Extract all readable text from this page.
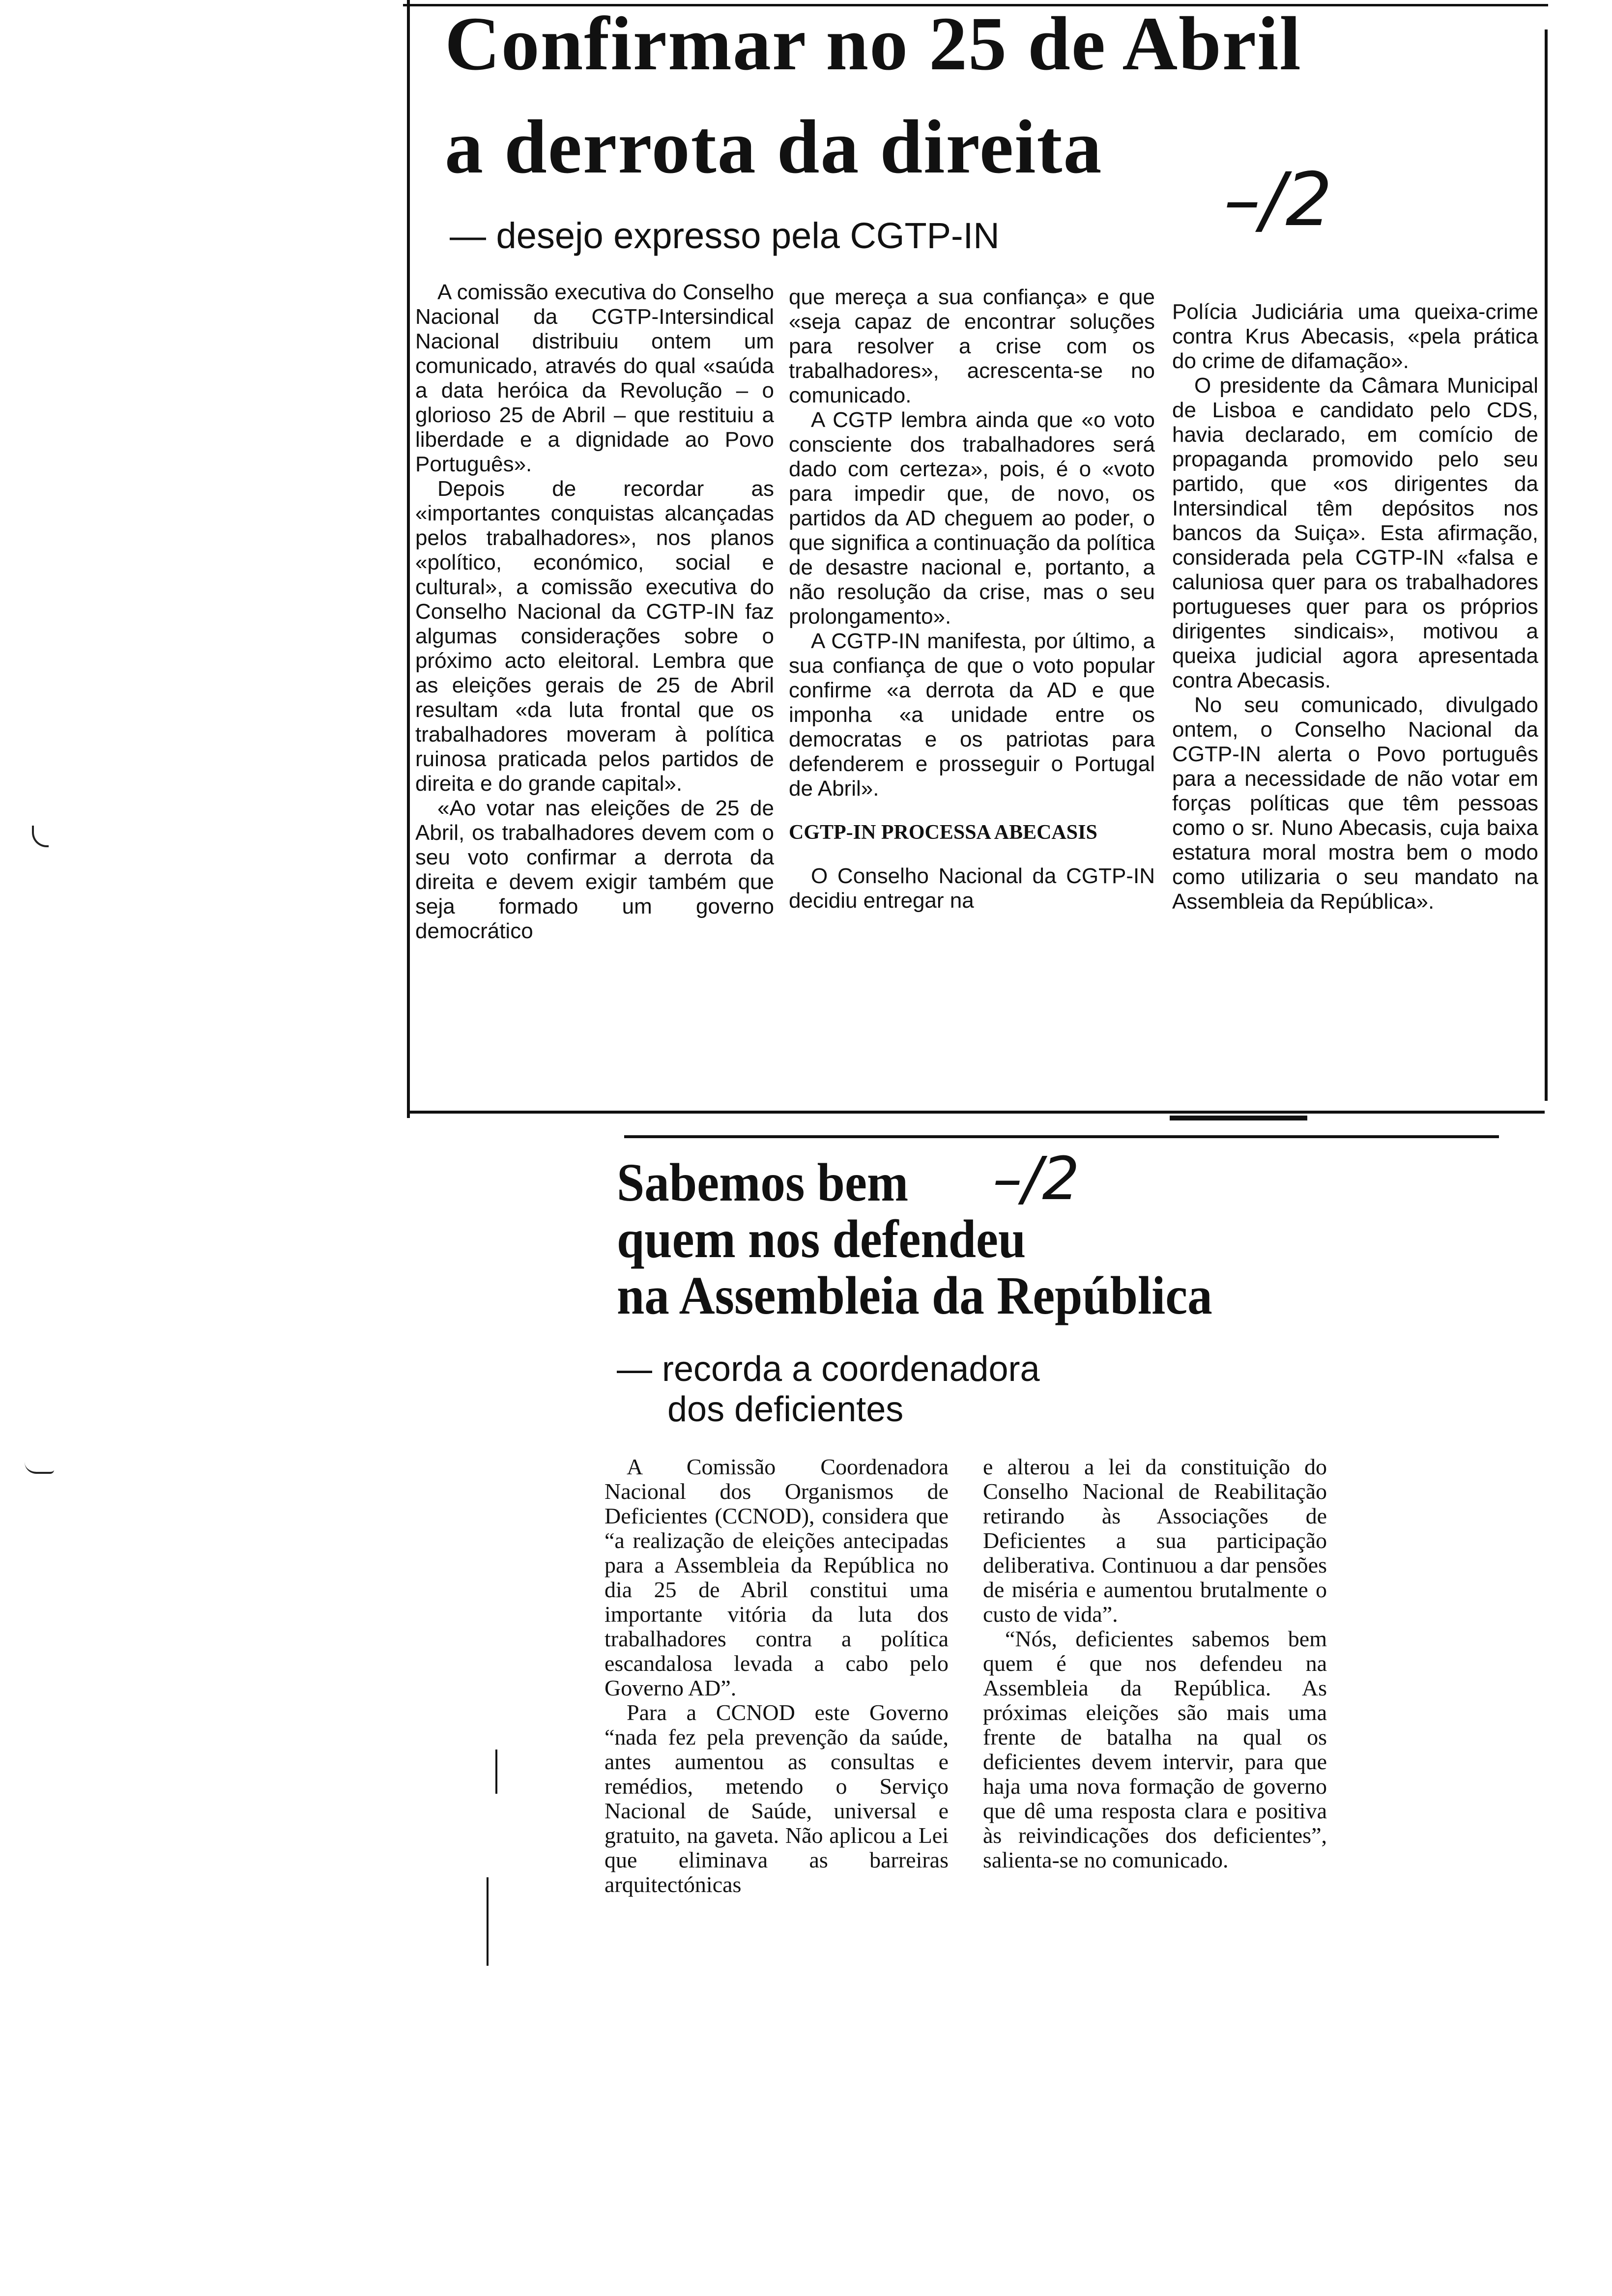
Confirmar no 25 de Abril
a derrota da direita
–/2
— desejo expresso pela CGTP-IN

A comissão executiva do Conselho Nacional da CGTP-Intersindical Nacional distribuiu ontem um comunicado, através do qual «saúda a data heróica da Revolução – o glorioso 25 de Abril – que restituiu a liberdade e a dignidade ao Povo Português».

Depois de recordar as «importantes conquistas alcançadas pelos trabalhadores», nos planos «político, económico, social e cultural», a comissão executiva do Conselho Nacional da CGTP-IN faz algumas considerações sobre o próximo acto eleitoral. Lembra que as eleições gerais de 25 de Abril resultam «da luta frontal que os trabalhadores moveram à política ruinosa praticada pelos partidos de direita e do grande capital».

«Ao votar nas eleições de 25 de Abril, os trabalhadores devem com o seu voto confirmar a derrota da direita e devem exigir também que seja formado um governo democrático

que mereça a sua confiança» e que «seja capaz de encontrar soluções para resolver a crise com os trabalhadores», acrescenta-se no comunicado.

A CGTP lembra ainda que «o voto consciente dos trabalhadores será dado com certeza», pois, é o «voto para impedir que, de novo, os partidos da AD cheguem ao poder, o que significa a continuação da política de desastre nacional e, portanto, a não resolução da crise, mas o seu prolongamento».

A CGTP-IN manifesta, por último, a sua confiança de que o voto popular confirme «a derrota da AD e que imponha «a unidade entre os democratas e os patriotas para defenderem e prosseguir o Portugal de Abril».

CGTP-IN PROCESSA ABECASIS

O Conselho Nacional da CGTP-IN decidiu entregar na

Polícia Judiciária uma queixa-crime contra Krus Abecasis, «pela prática do crime de difamação».

O presidente da Câmara Municipal de Lisboa e candidato pelo CDS, havia declarado, em comício de propaganda promovido pelo seu partido, que «os dirigentes da Intersindical têm depósitos nos bancos da Suiça». Esta afirmação, considerada pela CGTP-IN «falsa e caluniosa quer para os trabalhadores portugueses quer para os próprios dirigentes sindicais», motivou a queixa judicial agora apresentada contra Abecasis.

No seu comunicado, divulgado ontem, o Conselho Nacional da CGTP-IN alerta o Povo português para a necessidade de não votar em forças políticas que têm pessoas como o sr. Nuno Abecasis, cuja baixa estatura moral mostra bem o modo como utilizaria o seu mandato na Assembleia da República».

Sabemos bem –/2
quem nos defendeu
na Assembleia da República
— recorda a coordenadora
dos deficientes

A Comissão Coordenadora Nacional dos Organismos de Deficientes (CCNOD), considera que “a realização de eleições antecipadas para a Assembleia da República no dia 25 de Abril constitui uma importante vitória da luta dos trabalhadores contra a política escandalosa levada a cabo pelo Governo AD”.

Para a CCNOD este Governo “nada fez pela prevenção da saúde, antes aumentou as consultas e remédios, metendo o Serviço Nacional de Saúde, universal e gratuito, na gaveta. Não aplicou a Lei que eliminava as barreiras arquitectónicas

e alterou a lei da constituição do Conselho Nacional de Reabilitação retirando às Associações de Deficientes a sua participação deliberativa. Continuou a dar pensões de miséria e aumentou brutalmente o custo de vida”.

“Nós, deficientes sabemos bem quem é que nos defendeu na Assembleia da República. As próximas eleições são mais uma frente de batalha na qual os deficientes devem intervir, para que haja uma nova formação de governo que dê uma resposta clara e positiva às reivindicações dos deficientes”, salienta-se no comunicado.
